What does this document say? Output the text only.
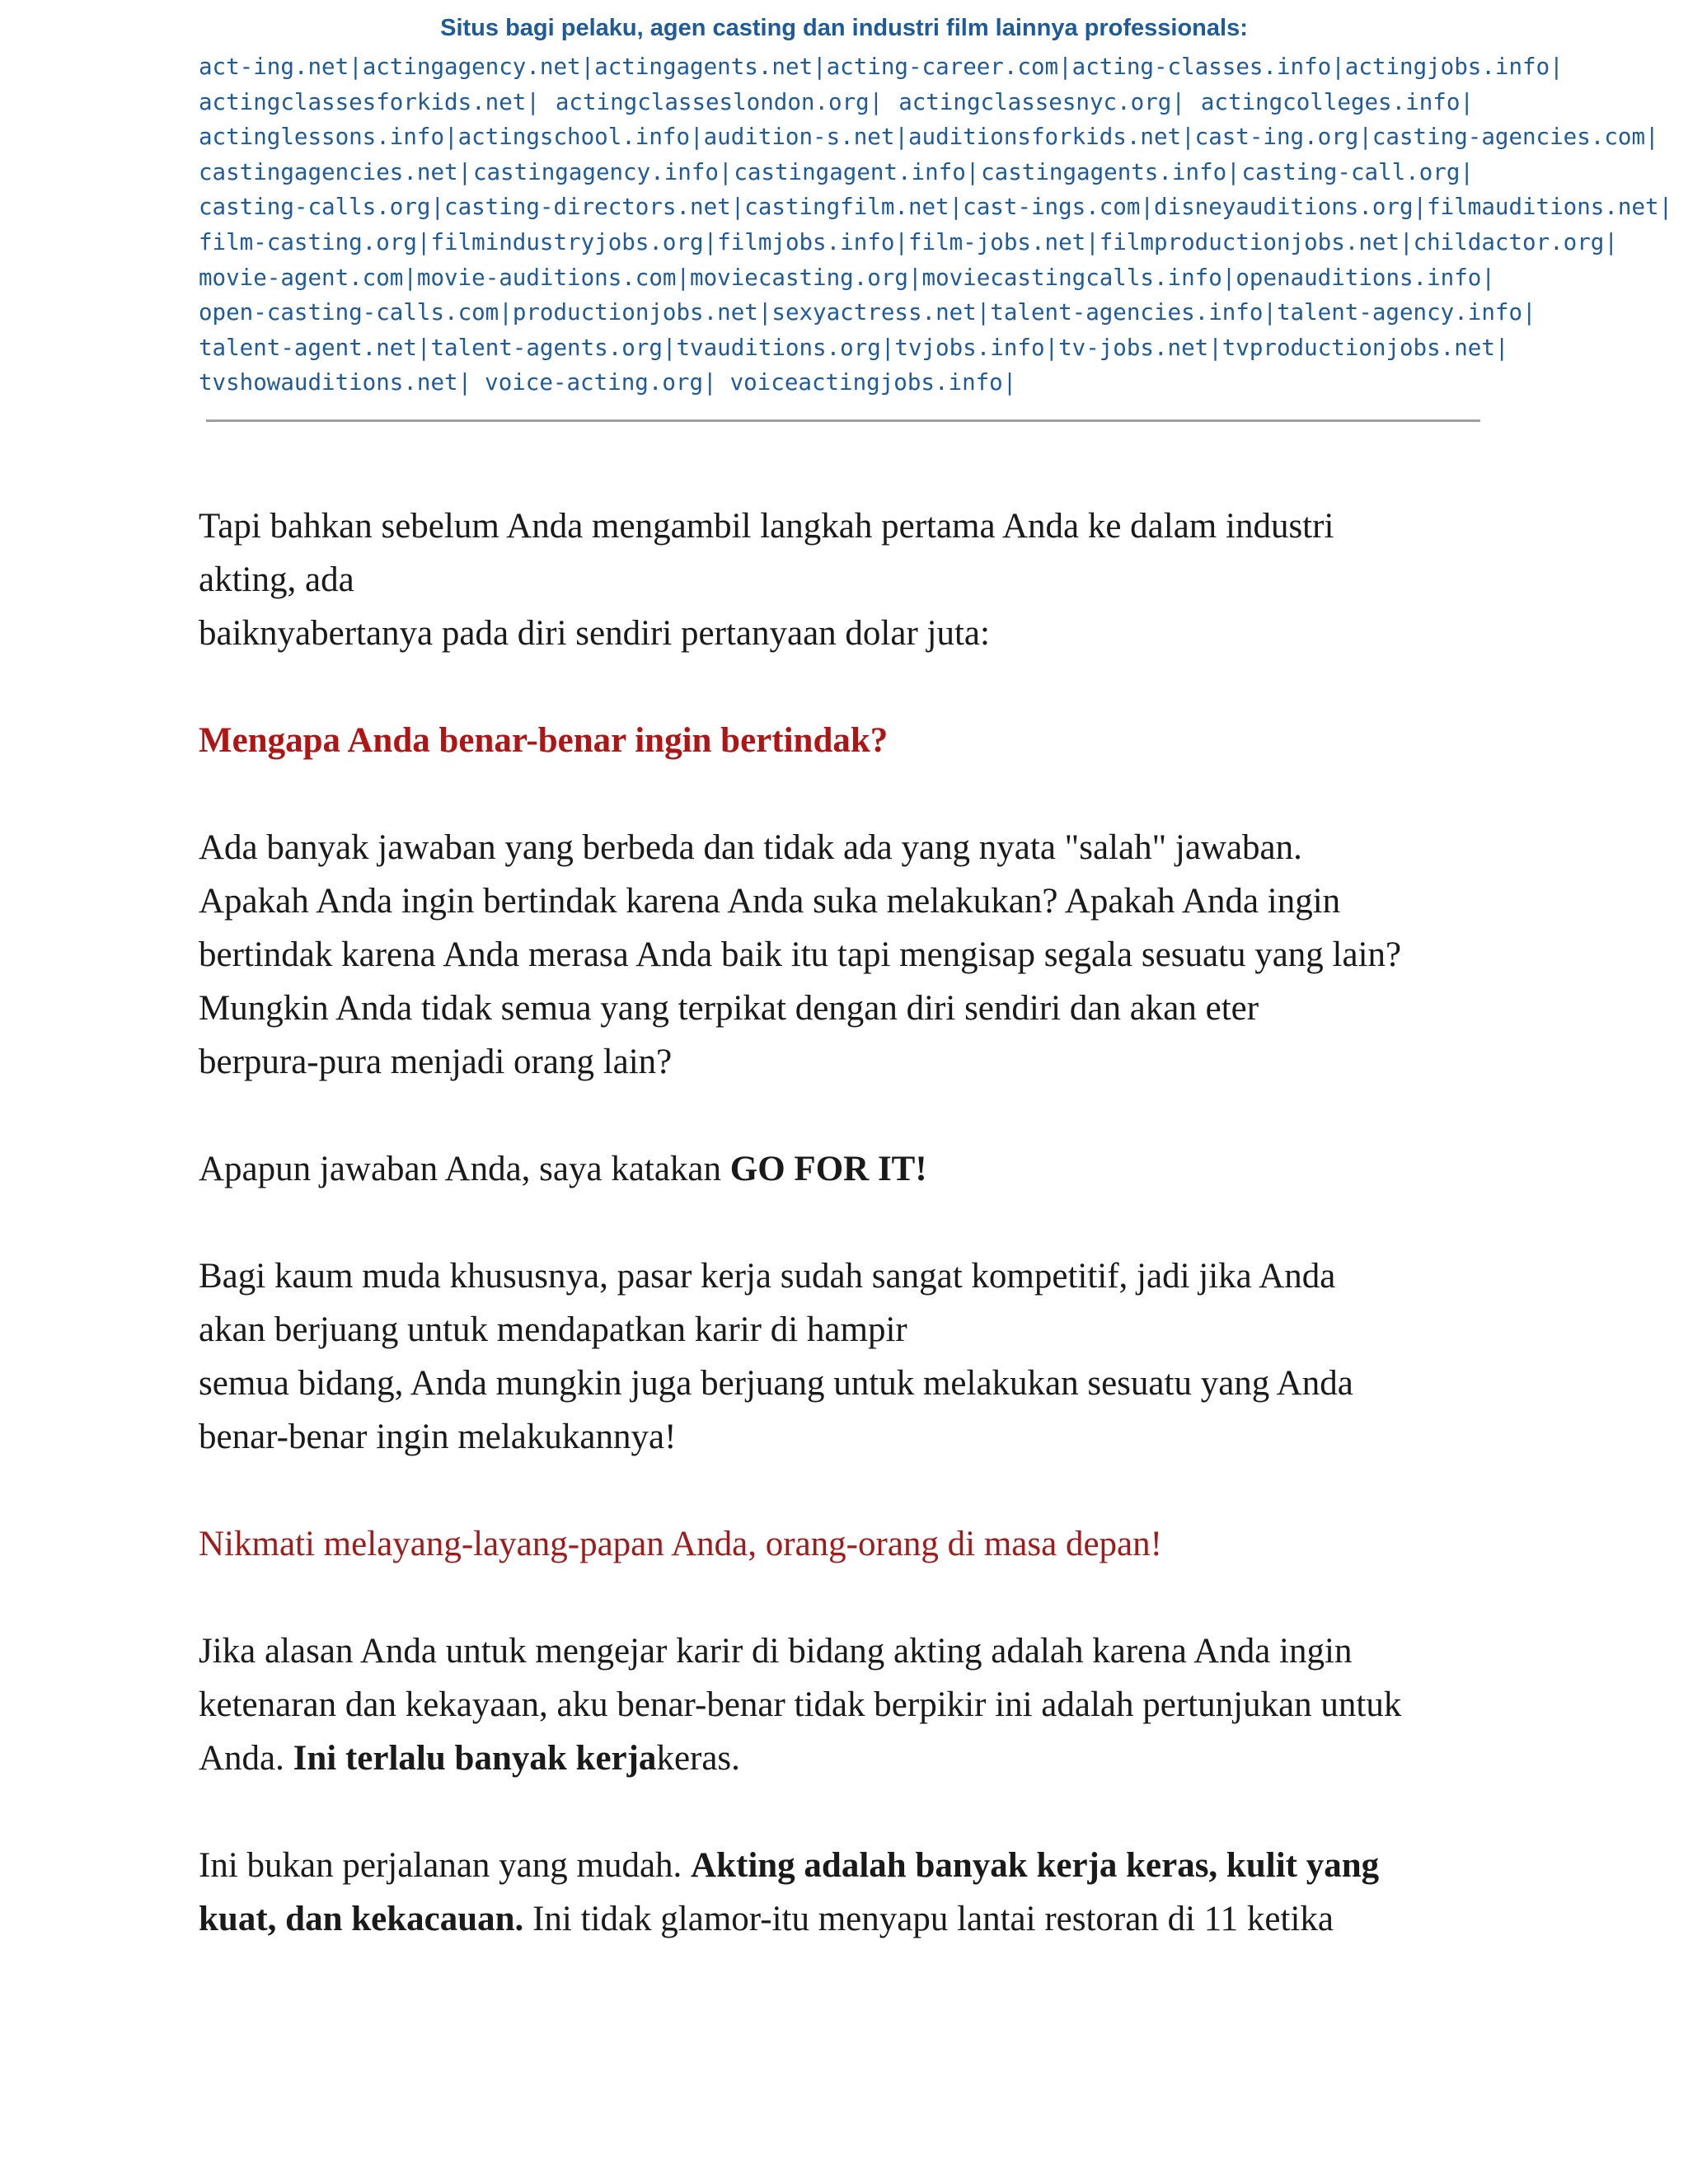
Situs bagi pelaku, agen casting dan industri film lainnya professionals:
act-ing.net| actingagency.net| actingagents.net| acting-career.com| acting-classes.info| actingjobs.info|
actingclassesforkids.net| actingclasseslondon.org| actingclassesnyc.org| actingcolleges.info|
actinglessons.info| actingschool.info| audition-s.net| auditionsforkids.net| cast-ing.org| casting-agencies.com|
castingagencies.net| castingagency.info| castingagent.info| castingagents.info| casting-call.org|
casting-calls.org| casting-directors.net| castingfilm.net| cast-ings.com| disneyauditions.org| filmauditions.net|
film-casting.org| filmindustryjobs.org| filmjobs.info| film-jobs.net| filmproductionjobs.net| childactor.org|
movie-agent.com| movie-auditions.com| moviecasting.org| moviecastingcalls.info| openauditions.info|
open-casting-calls.com| productionjobs.net| sexyactress.net| talent-agencies.info| talent-agency.info|
talent-agent.net| talent-agents.org| tvauditions.org| tvjobs.info| tv-jobs.net| tvproductionjobs.net|
tvshowauditions.net| voice-acting.org| voiceactingjobs.info|

Tapi bahkan sebelum Anda mengambil langkah pertama Anda ke dalam industri
akting, ada
baiknyabertanya pada diri sendiri pertanyaan dolar juta:

Mengapa Anda benar-benar ingin bertindak?

Ada banyak jawaban yang berbeda dan tidak ada yang nyata "salah" jawaban.
Apakah Anda ingin bertindak karena Anda suka melakukan? Apakah Anda ingin
bertindak karena Anda merasa Anda baik itu tapi mengisap segala sesuatu yang lain?
Mungkin Anda tidak semua yang terpikat dengan diri sendiri dan akan eter
berpura-pura menjadi orang lain?

Apapun jawaban Anda, saya katakan GO FOR IT!

Bagi kaum muda khususnya, pasar kerja sudah sangat kompetitif, jadi jika Anda
akan berjuang untuk mendapatkan karir di hampir
semua bidang, Anda mungkin juga berjuang untuk melakukan sesuatu yang Anda
benar-benar ingin melakukannya!

Nikmati melayang-layang-papan Anda, orang-orang di masa depan!

Jika alasan Anda untuk mengejar karir di bidang akting adalah karena Anda ingin
ketenaran dan kekayaan, aku benar-benar tidak berpikir ini adalah pertunjukan untuk
Anda. Ini terlalu banyak kerjakeras.

Ini bukan perjalanan yang mudah. Akting adalah banyak kerja keras, kulit yang
kuat, dan kekacauan. Ini tidak glamor-itu menyapu lantai restoran di 11 ketika
